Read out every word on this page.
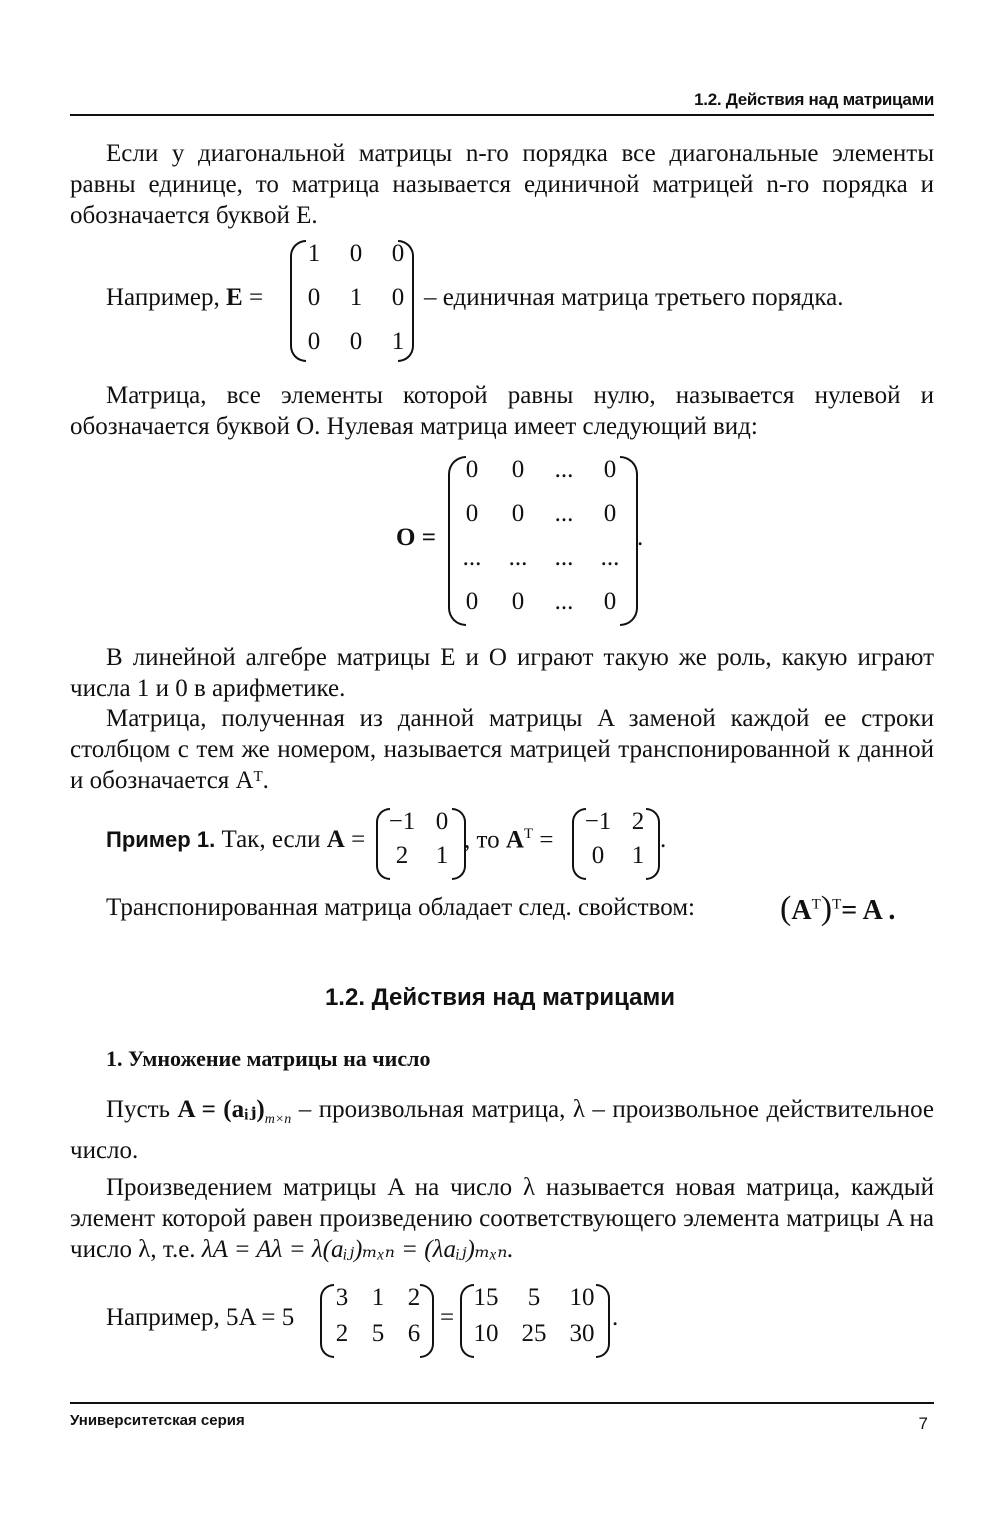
1.2. Действия над матрицами
Если у диагональной матрицы n-го порядка все диагональные элементы равны единице, то матрица называется единичной матрицей n-го порядка и обозначается буквой E.
Например, E =
1	0	0
0	1	0
0	0	1
– единичная матрица третьего порядка.
Матрица, все элементы которой равны нулю, называется нулевой и обозначается буквой O. Нулевая матрица имеет следующий вид:
O =
0	0	...	0
0	0	...	0
...	...	...	...
0	0	...	0
.
В линейной алгебре матрицы E и O играют такую же роль, какую играют числа 1 и 0 в арифметике.
Матрица, полученная из данной матрицы A заменой каждой ее строки столбцом с тем же номером, называется матрицей транспонированной к данной и обозначается Aᵀ.
Пример 1. Так, если A =
−1 0
2	1
, то $A^T$ =
−1 2
0	1
.
Транспонированная матрица обладает след. свойством: $(A^T)^T= A$ .
1.2. Действия над матрицами
1. Умножение матрицы на число
Пусть $A = (aᵢⱼ)_{m\times n}$ – произвольная матрица, λ – произвольное действительное число.
Произведением матрицы A на число λ называется новая матрица, каждый элемент которой равен произведению соответствующего элемента матрицы A на число λ, т.е. λA = Aλ = λ(aᵢⱼ)ₘₓₙ = (λaᵢⱼ)ₘₓₙ.
Например, 5A = 5
3 1 2
2 5 6
=
15	5	10
10 25 30
.
Университетская серия	7
